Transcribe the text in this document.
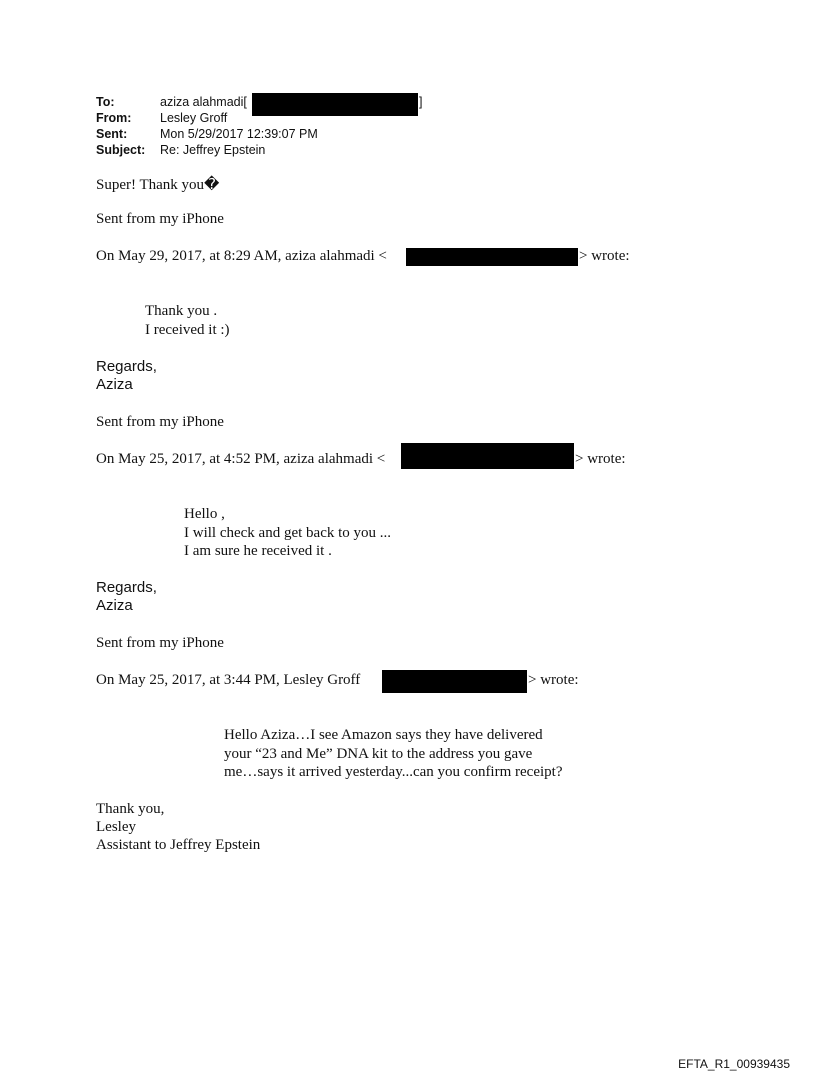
To:	aziza alahmadi[	]
From: Lesley Groff
Sent:	Mon 5/29/2017 12:39:07 PM
Subject: Re: Jeffrey Epstein
Super! Thank you�
Sent from my iPhone
On May 29, 2017, at 8:29 AM, aziza alahmadi <	> wrote:
Thank you .
I received it :)
Regards,
Aziza
Sent from my iPhone
On May 25, 2017, at 4:52 PM, aziza alahmadi <	> wrote:
Hello ,
I will check and get back to you ...
I am sure he received it .
Regards,
Aziza
Sent from my iPhone
On May 25, 2017, at 3:44 PM, Lesley Groff	> wrote:
Hello Aziza…I see Amazon says they have delivered
your “23 and Me” DNA kit to the address you gave
me…says it arrived yesterday...can you confirm receipt?
Thank you,
Lesley
Assistant to Jeffrey Epstein
EFTA_R1_00939435
